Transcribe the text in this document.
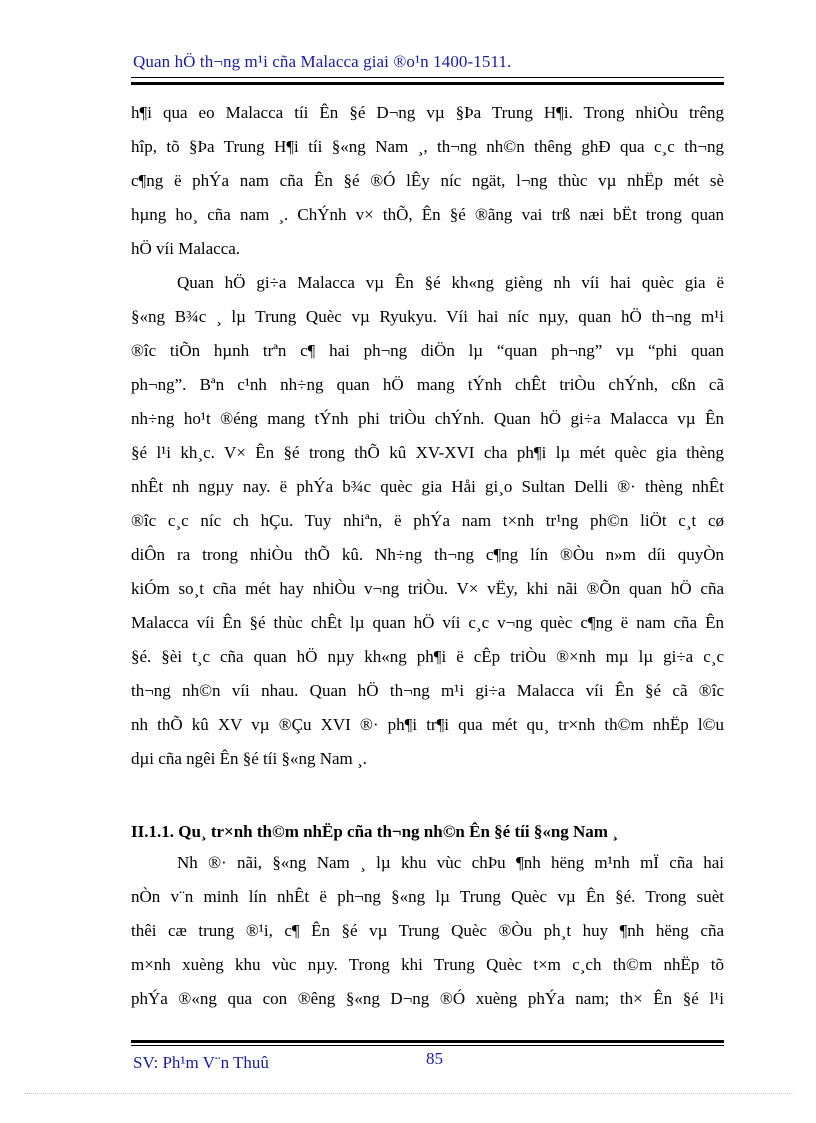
Quan hÖ th¬ng m¹i cña Malacca giai ®o¹n 1400-1511.
h¶i qua eo Malacca tíi Ên §é D¬ng vµ §Þa Trung H¶i. Trong nhiÒu trêng
hîp, tõ §Þa Trung H¶i tíi §«ng Nam ¸, th¬ng nh©n thêng ghÐ qua c¸c th¬ng
c¶ng ë phÝa nam cña Ên §é ®Ó lÊy níc ngät, l¬ng thùc vµ nhËp mét sè
hµng ho¸ cña nam ¸. ChÝnh v× thÕ, Ên §é ®ãng vai trß næi bËt trong quan
hÖ víi Malacca.
Quan hÖ gi÷a Malacca vµ Ên §é kh«ng gièng nh víi hai quèc gia ë
§«ng B¾c ¸ lµ Trung Quèc vµ Ryukyu. Víi hai níc nµy, quan hÖ th¬ng m¹i
®îc tiÕn hµnh trªn c¶ hai ph¬ng diÖn lµ “quan ph¬ng” vµ “phi quan
ph¬ng”. Bªn c¹nh nh÷ng quan hÖ mang tÝnh chÊt triÒu chÝnh, cßn cã
nh÷ng ho¹t ®éng mang tÝnh phi triÒu chÝnh. Quan hÖ gi÷a Malacca vµ Ên
§é l¹i kh¸c. V× Ên §é trong thÕ kû XV-XVI cha ph¶i lµ mét quèc gia thèng
nhÊt nh ngµy nay. ë phÝa b¾c quèc gia Håi gi¸o Sultan Delli ®· thèng nhÊt
®îc c¸c níc ch hÇu. Tuy nhiªn, ë phÝa nam t×nh tr¹ng ph©n liÖt c¸t cø
diÔn ra trong nhiÒu thÕ kû. Nh÷ng th¬ng c¶ng lín ®Òu n»m díi quyÒn
kiÓm so¸t cña mét hay nhiÒu v¬ng triÒu. V× vËy, khi nãi ®Õn quan hÖ cña
Malacca víi Ên §é thùc chÊt lµ quan hÖ víi c¸c v¬ng quèc c¶ng ë nam cña Ên
§é. §èi t¸c cña quan hÖ nµy kh«ng ph¶i ë cÊp triÒu ®×nh mµ lµ gi÷a c¸c
th¬ng nh©n víi nhau. Quan hÖ th¬ng m¹i gi÷a Malacca víi Ên §é cã ®îc
nh thÕ kû XV vµ ®Çu XVI ®· ph¶i tr¶i qua mét qu¸ tr×nh th©m nhËp l©u
dµi cña ngêi Ên §é tíi §«ng Nam ¸.
II.1.1. Qu¸ tr×nh th©m nhËp cña th¬ng nh©n Ên §é tíi §«ng Nam ¸
Nh ®· nãi, §«ng Nam ¸ lµ khu vùc chÞu ¶nh hëng m¹nh mÏ cña hai
nÒn v¨n minh lín nhÊt ë ph¬ng §«ng lµ Trung Quèc vµ Ên §é. Trong suèt
thêi cæ trung ®¹i, c¶ Ên §é vµ Trung Quèc ®Òu ph¸t huy ¶nh hëng cña
m×nh xuèng khu vùc nµy. Trong khi Trung Quèc t×m c¸ch th©m nhËp tõ
phÝa ®«ng qua con ®êng §«ng D¬ng ®Ó xuèng phÝa nam; th× Ên §é l¹i
SV: Ph¹m V¨n Thuû	85
